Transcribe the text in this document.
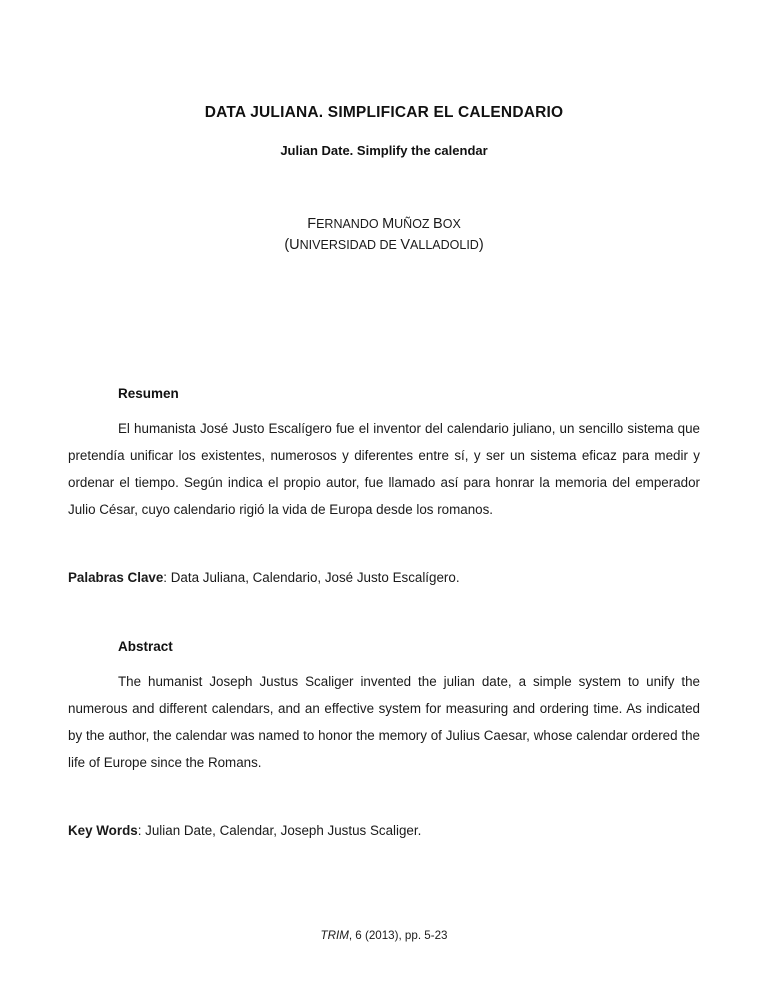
DATA JULIANA. SIMPLIFICAR EL CALENDARIO
Julian Date. Simplify the calendar
FERNANDO MUÑOZ BOX
(UNIVERSIDAD DE VALLADOLID)
Resumen

El humanista José Justo Escalígero fue el inventor del calendario juliano, un sencillo sistema que pretendía unificar los existentes, numerosos y diferentes entre sí, y ser un sistema eficaz para medir y ordenar el tiempo. Según indica el propio autor, fue llamado así para honrar la memoria del emperador Julio César, cuyo calendario rigió la vida de Europa desde los romanos.

Palabras Clave: Data Juliana, Calendario, José Justo Escalígero.
Abstract

The humanist Joseph Justus Scaliger invented the julian date, a simple system to unify the numerous and different calendars, and an effective system for measuring and ordering time. As indicated by the author, the calendar was named to honor the memory of Julius Caesar, whose calendar ordered the life of Europe since the Romans.

Key Words: Julian Date, Calendar, Joseph Justus Scaliger.
TRIM, 6 (2013), pp. 5-23
